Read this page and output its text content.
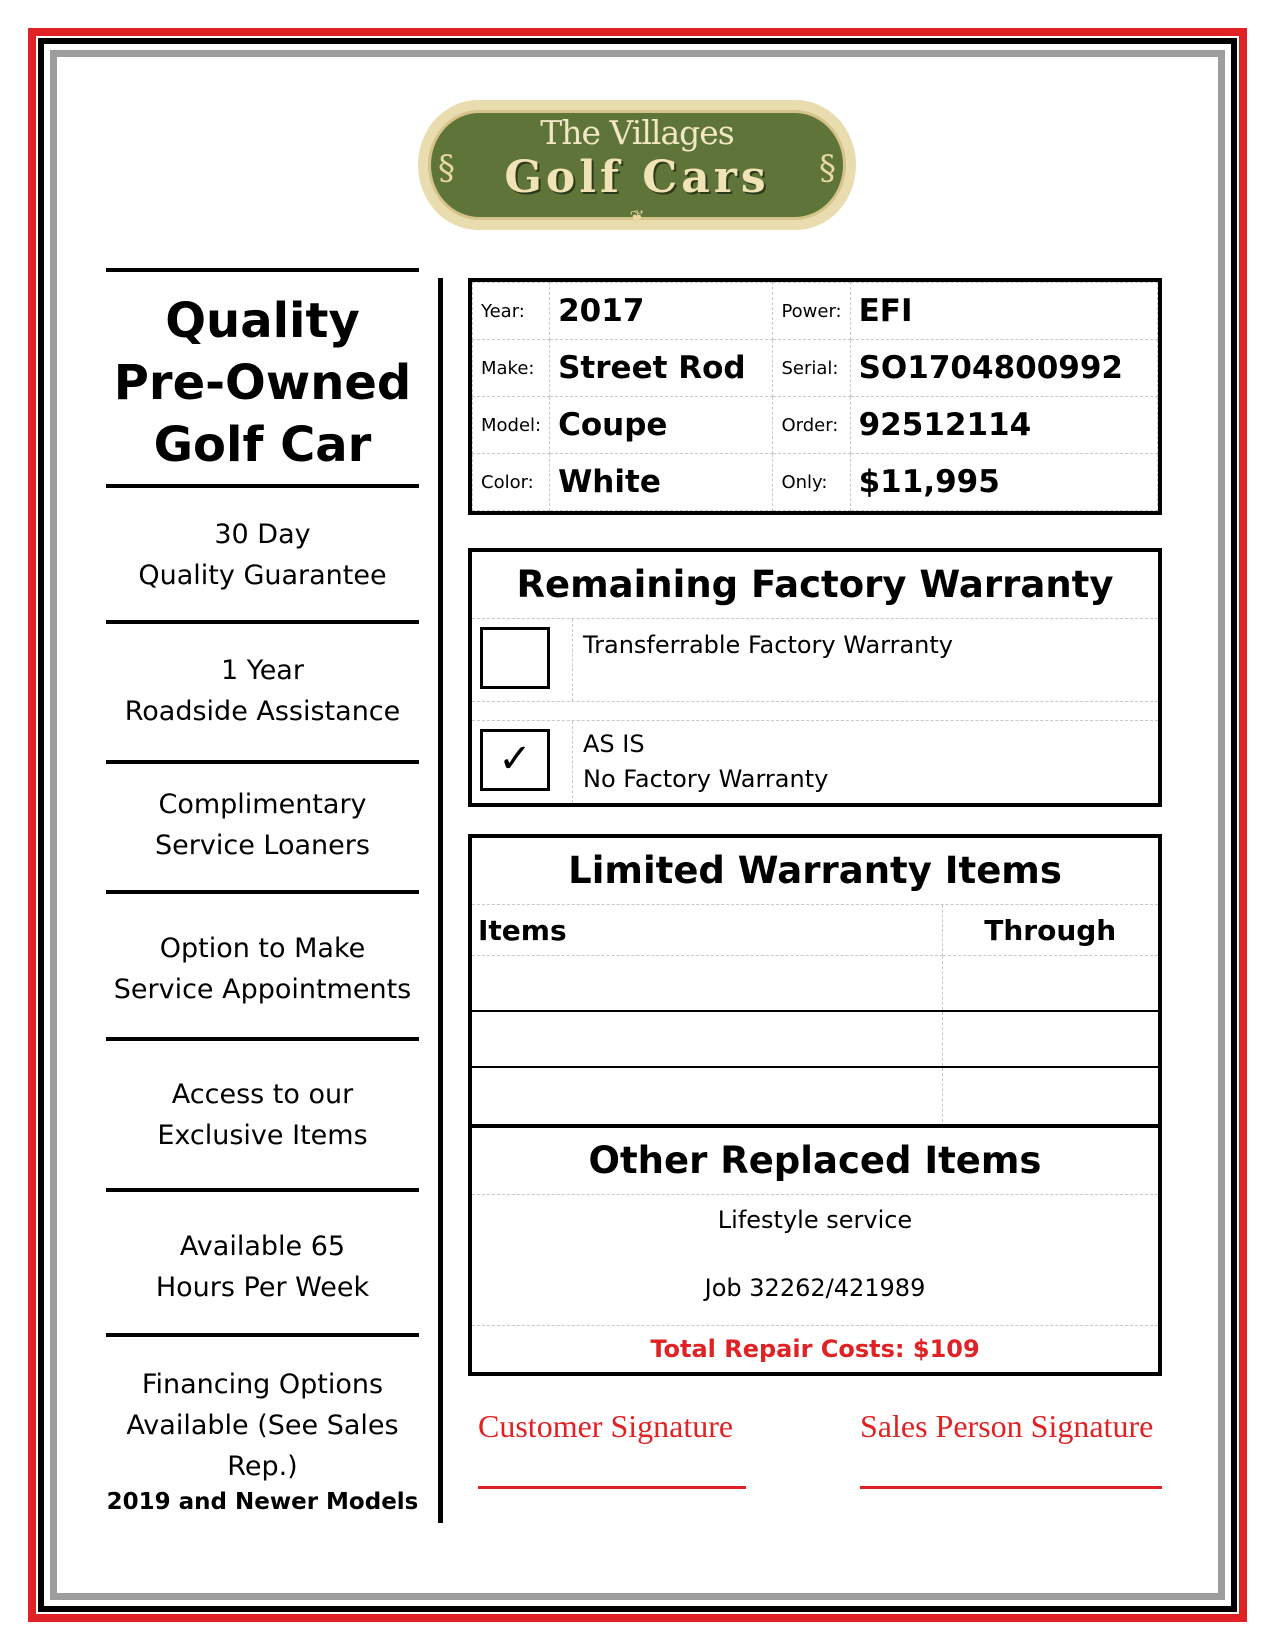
§	§
The Villages
Golf Cars
❦
Quality
Pre-Owned
Golf Car
30 Day
Quality Guarantee
1 Year
Roadside Assistance
Complimentary
Service Loaners
Option to Make
Service Appointments
Access to our
Exclusive Items
Available 65
Hours Per Week
Financing Options
Available (See Sales Rep.)
2019 and Newer Models
Year:	2017	Power:	EFI
Make:	Street Rod	Serial:	SO1704800992
Model:	Coupe	Order:	92512114
Color:	White	Only:	$11,995
Remaining Factory Warranty
Transferrable Factory Warranty
✓	AS IS
No Factory Warranty
Limited Warranty Items
Items	Through

Other Replaced Items
Lifestyle service
Job 32262/421989
Total Repair Costs: $109
Customer Signature	Sales Person Signature
